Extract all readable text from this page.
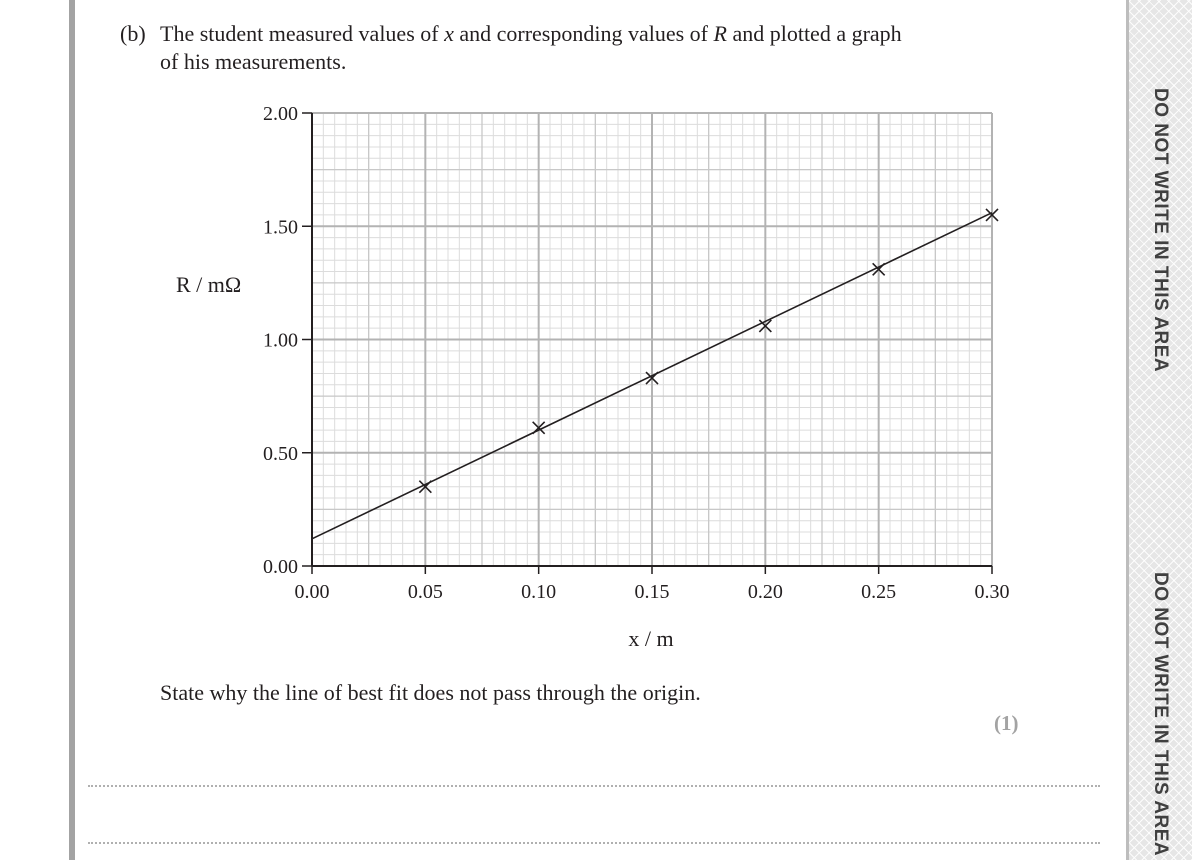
(b) The student measured values of x and corresponding values of R and plotted a graph
of his measurements.
0.00
0.50
1.00
1.50
2.00
0.00	0.05	0.10	0.15	0.20	0.25	0.30
R / mΩ
x / m
State why the line of best fit does not pass through the origin.
(1)
DO NOT WRITE IN THIS AREA
DO NOT WRITE IN THIS AREA
